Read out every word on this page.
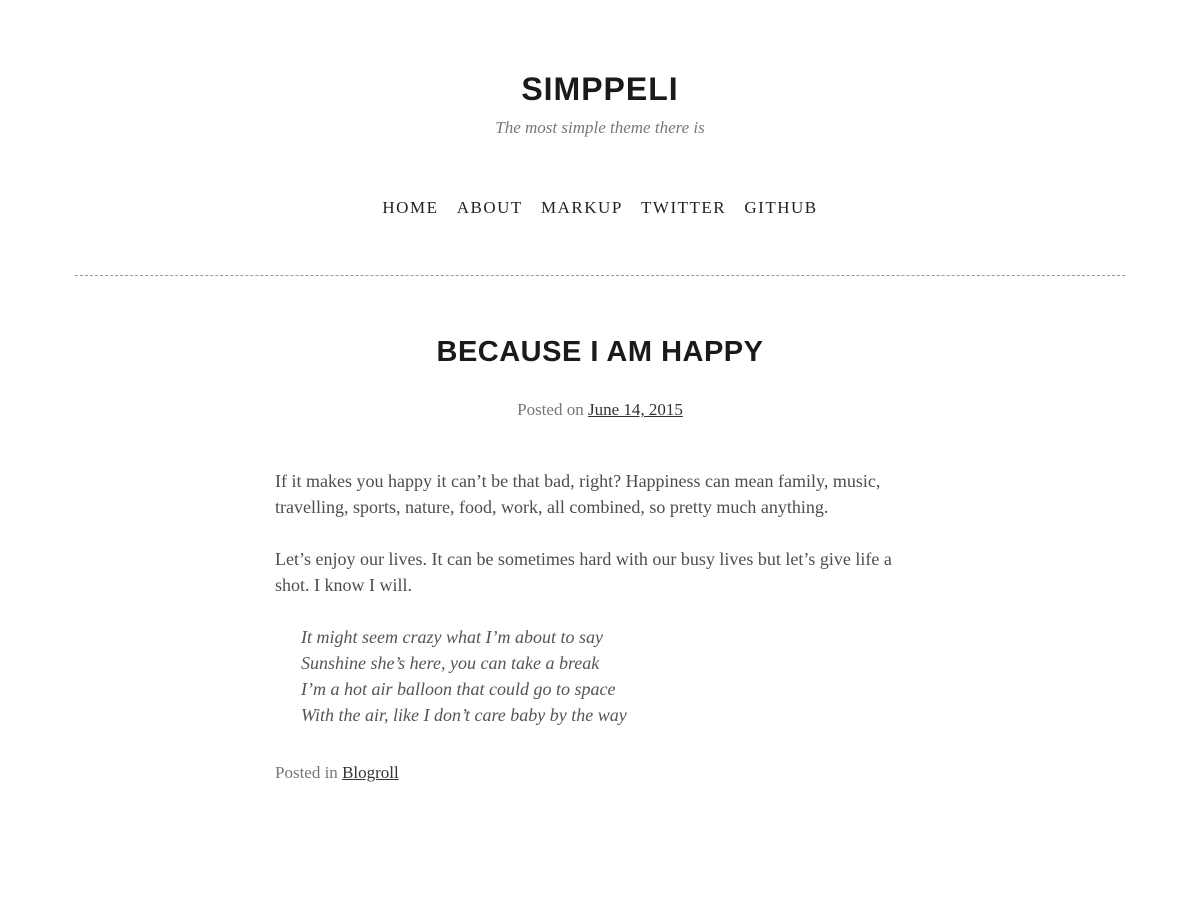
SIMPPELI
The most simple theme there is
HOME ABOUT MARKUP TWITTER GITHUB
BECAUSE I AM HAPPY
Posted on June 14, 2015

If it makes you happy it can’t be that bad, right? Happiness can mean family, music, travelling, sports, nature, food, work, all combined, so pretty much anything.

Let’s enjoy our lives. It can be sometimes hard with our busy lives but let’s give life a shot. I know I will.

It might seem crazy what I’m about to say
Sunshine she’s here, you can take a break
I’m a hot air balloon that could go to space
With the air, like I don’t care baby by the way
Posted in Blogroll
